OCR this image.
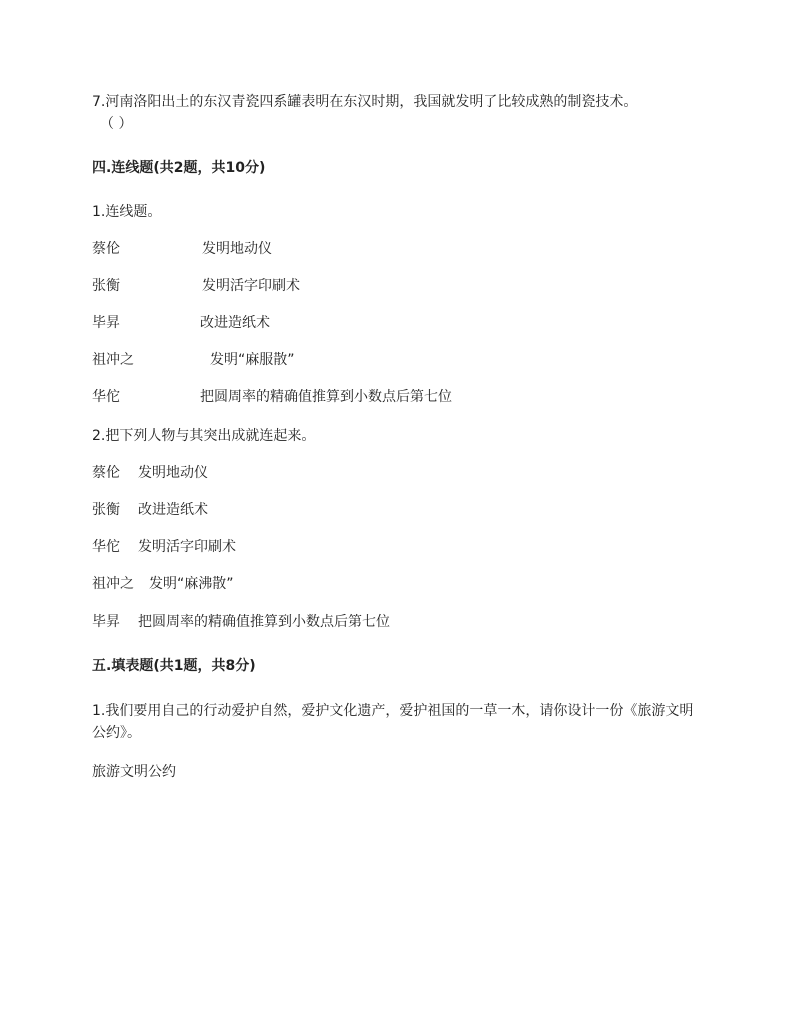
7.河南洛阳出土的东汉青瓷四系罐表明在东汉时期，我国就发明了比较成熟的制瓷技术。
（ ）
四.连线题(共2题，共10分)
1.连线题。
蔡伦	发明地动仪
张衡	发明活字印刷术
毕昇	改进造纸术
祖冲之	发明“麻服散”
华佗	把圆周率的精确值推算到小数点后第七位
2.把下列人物与其突出成就连起来。
蔡伦 发明地动仪
张衡 改进造纸术
华佗 发明活字印刷术
祖冲之 发明“麻沸散”
毕昇 把圆周率的精确值推算到小数点后第七位
五.填表题(共1题，共8分)
1.我们要用自己的行动爱护自然，爱护文化遗产，爱护祖国的一草一木，请你设计一份《旅游文明公约》。
旅游文明公约
